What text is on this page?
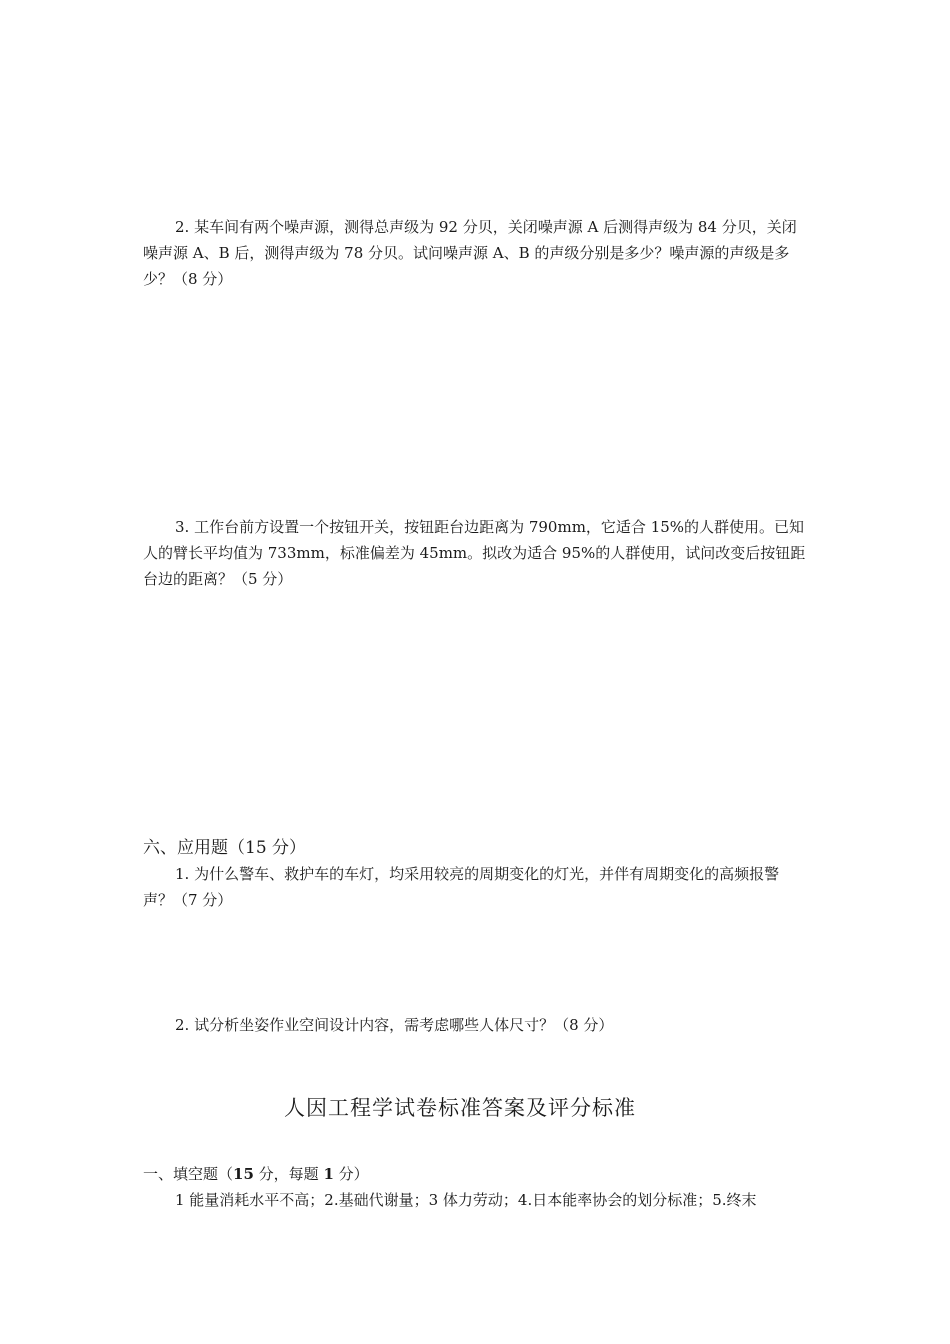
2. 某车间有两个噪声源，测得总声级为 92 分贝，关闭噪声源 A 后测得声级为 84 分贝，关闭噪声源 A、B 后，测得声级为 78 分贝。试问噪声源 A、B 的声级分别是多少？噪声源的声级是多少？（8 分）

3. 工作台前方设置一个按钮开关，按钮距台边距离为 790mm，它适合 15%的人群使用。已知人的臂长平均值为 733mm，标准偏差为 45mm。拟改为适合 95%的人群使用，试问改变后按钮距台边的距离？（5 分）

六、应用题（15 分）

1. 为什么警车、救护车的车灯，均采用较亮的周期变化的灯光，并伴有周期变化的高频报警声？（7 分）

2. 试分析坐姿作业空间设计内容，需考虑哪些人体尺寸？（8 分）

人因工程学试卷标准答案及评分标准

一、填空题（15 分，每题 1 分）

1 能量消耗水平不高；2.基础代谢量；3 体力劳动；4.日本能率协会的划分标准；5.终末
